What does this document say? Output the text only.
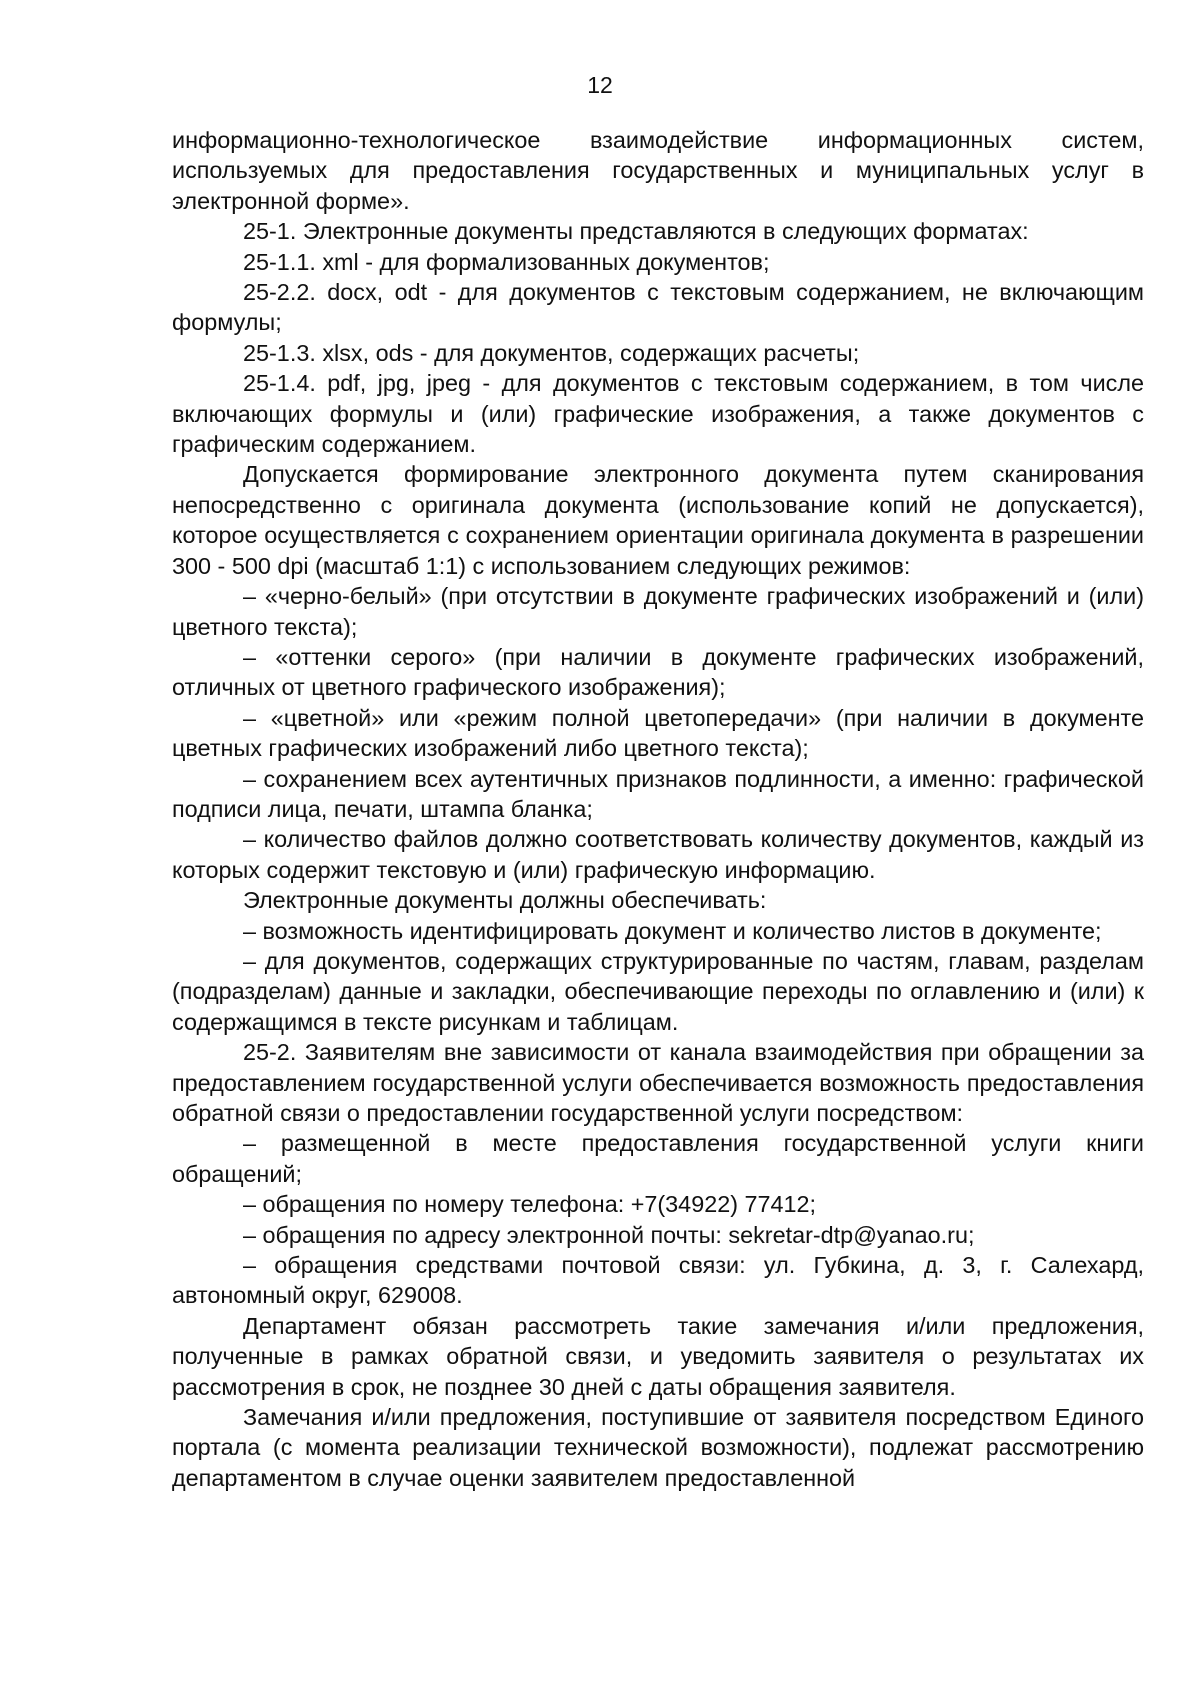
12

информационно-технологическое взаимодействие информационных систем, используемых для предоставления государственных и муниципальных услуг в электронной форме».

25-1. Электронные документы представляются в следующих форматах:

25-1.1. xml - для формализованных документов;

25-2.2. docx, odt - для документов с текстовым содержанием, не включающим формулы;

25-1.3. xlsx, ods - для документов, содержащих расчеты;

25-1.4. pdf, jpg, jpeg - для документов с текстовым содержанием, в том числе включающих формулы и (или) графические изображения, а также документов с графическим содержанием.

Допускается формирование электронного документа путем сканирования непосредственно с оригинала документа (использование копий не допускается), которое осуществляется с сохранением ориентации оригинала документа в разрешении 300 - 500 dpi (масштаб 1:1) с использованием следующих режимов:

– «черно-белый» (при отсутствии в документе графических изображений и (или) цветного текста);

– «оттенки серого» (при наличии в документе графических изображений, отличных от цветного графического изображения);

– «цветной» или «режим полной цветопередачи» (при наличии в документе цветных графических изображений либо цветного текста);

– сохранением всех аутентичных признаков подлинности, а именно: графической подписи лица, печати, штампа бланка;

– количество файлов должно соответствовать количеству документов, каждый из которых содержит текстовую и (или) графическую информацию.

Электронные документы должны обеспечивать:

– возможность идентифицировать документ и количество листов в документе;

– для документов, содержащих структурированные по частям, главам, разделам (подразделам) данные и закладки, обеспечивающие переходы по оглавлению и (или) к содержащимся в тексте рисункам и таблицам.

25-2. Заявителям вне зависимости от канала взаимодействия при обращении за предоставлением государственной услуги обеспечивается возможность предоставления обратной связи о предоставлении государственной услуги посредством:

– размещенной в месте предоставления государственной услуги книги обращений;

– обращения по номеру телефона: +7(34922) 77412;

– обращения по адресу электронной почты: sekretar-dtp@yanao.ru;

– обращения средствами почтовой связи: ул. Губкина, д. 3, г. Салехард, автономный округ, 629008.

Департамент обязан рассмотреть такие замечания и/или предложения, полученные в рамках обратной связи, и уведомить заявителя о результатах их рассмотрения в срок, не позднее 30 дней с даты обращения заявителя.

Замечания и/или предложения, поступившие от заявителя посредством Единого портала (с момента реализации технической возможности), подлежат рассмотрению департаментом в случае оценки заявителем предоставленной
